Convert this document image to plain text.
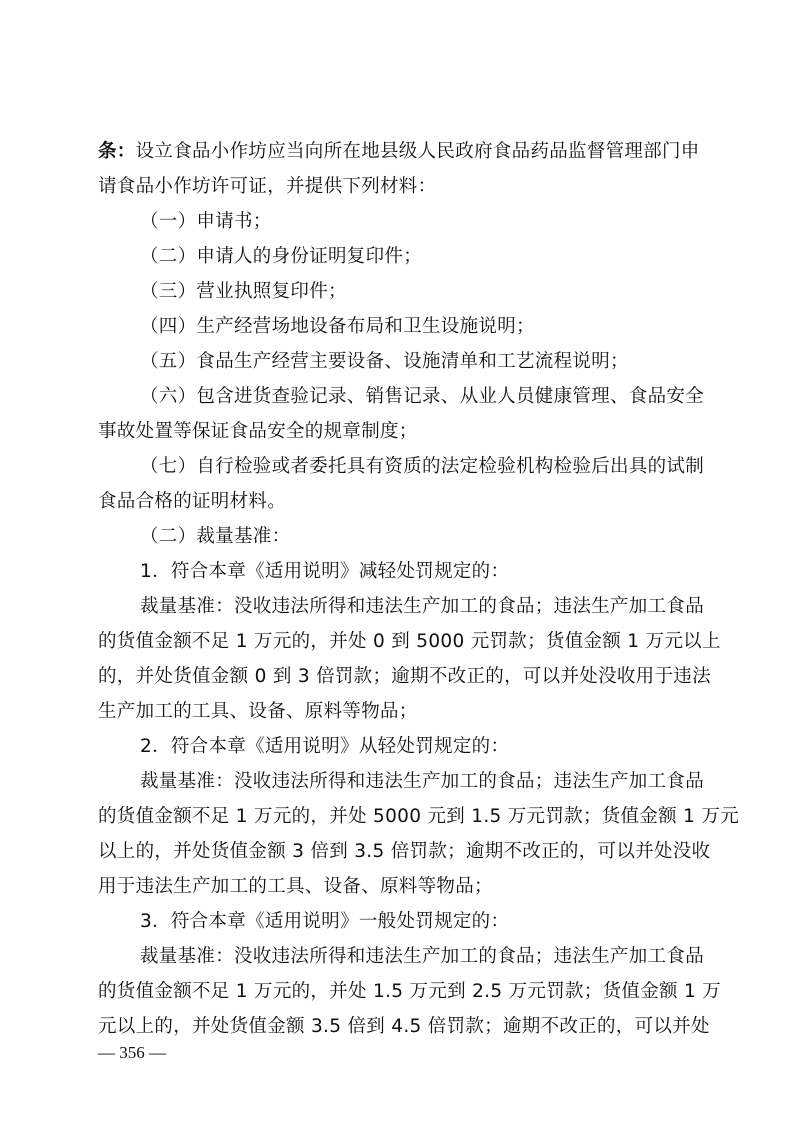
条：设立食品小作坊应当向所在地县级人民政府食品药品监督管理部门申
请食品小作坊许可证，并提供下列材料：
（一）申请书；
（二）申请人的身份证明复印件；
（三）营业执照复印件；
（四）生产经营场地设备布局和卫生设施说明；
（五）食品生产经营主要设备、设施清单和工艺流程说明；
（六）包含进货查验记录、销售记录、从业人员健康管理、食品安全
事故处置等保证食品安全的规章制度；
（七）自行检验或者委托具有资质的法定检验机构检验后出具的试制
食品合格的证明材料。
（二）裁量基准：
1．符合本章《适用说明》减轻处罚规定的：
裁量基准：没收违法所得和违法生产加工的食品；违法生产加工食品
的货值金额不足 1 万元的，并处 0 到 5000 元罚款；货值金额 1 万元以上
的，并处货值金额 0 到 3 倍罚款；逾期不改正的，可以并处没收用于违法
生产加工的工具、设备、原料等物品；
2．符合本章《适用说明》从轻处罚规定的：
裁量基准：没收违法所得和违法生产加工的食品；违法生产加工食品
的货值金额不足 1 万元的，并处 5000 元到 1.5 万元罚款；货值金额 1 万元
以上的，并处货值金额 3 倍到 3.5 倍罚款；逾期不改正的，可以并处没收
用于违法生产加工的工具、设备、原料等物品；
3．符合本章《适用说明》一般处罚规定的：
裁量基准：没收违法所得和违法生产加工的食品；违法生产加工食品
的货值金额不足 1 万元的，并处 1.5 万元到 2.5 万元罚款；货值金额 1 万
元以上的，并处货值金额 3.5 倍到 4.5 倍罚款；逾期不改正的，可以并处
— 356 —
